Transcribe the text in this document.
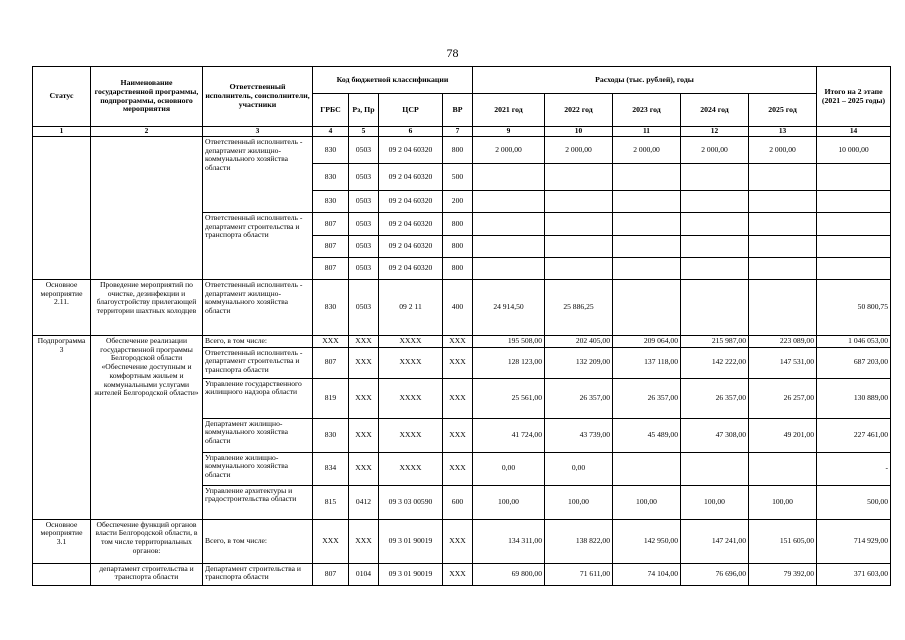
78
Статус	Наименование государственной программы, подпрограммы, основного мероприятия	Ответственный исполнитель, соисполнители, участники	Код бюджетной классификации				Расходы (тыс. рублей), годы					Итого на 2 этапе (2021 – 2025 годы)
			ГРБС	Рз, Пр	ЦСР	ВР	2021 год	2022 год	2023 год	2024 год	2025 год	
1	2	3	4	5	6	7	9	10	11	12	13	14
		Ответственный исполнитель - департамент жилищно-коммунального хозяйства области	830	0503	09 2 04 60320	800	2 000,00	2 000,00	2 000,00	2 000,00	2 000,00	10 000,00
			830	0503	09 2 04 60320	500						
			830	0503	09 2 04 60320	200						
		Ответственный исполнитель - департамент строительства и транспорта области	807	0503	09 2 04 60320	800						
			807	0503	09 2 04 60320	800						
			807	0503	09 2 04 60320	800						
Основное мероприятие 2.11.	Проведение мероприятий по очистке, дезинфекции и благоустройству прилегающей территории шахтных колодцев	Ответственный исполнитель - департамент жилищно-коммунального хозяйства области	830	0503	09 2 11	400	24 914,50	25 886,25				50 800,75
Подпрограмма 3	Обеспечение реализации государственной программы Белгородской области «Обеспечение доступным и комфортным жильем и коммунальными услугами жителей Белгородской области»	Всего, в том числе:	ХХХ	ХХХ	ХХХХ	ХХХ	195 508,00	202 405,00	209 064,00	215 987,00	223 089,00	1 046 053,00
		Ответственный исполнитель - департамент строительства и транспорта области	807	ХХХ	ХХХХ	ХХХ	128 123,00	132 209,00	137 118,00	142 222,00	147 531,00	687 203,00
		Управление государственного жилищного надзора области	819	ХХХ	ХХХХ	ХХХ	25 561,00	26 357,00	26 357,00	26 357,00	26 257,00	130 889,00
		Департамент жилищно-коммунального хозяйства области	830	ХХХ	ХХХХ	ХХХ	41 724,00	43 739,00	45 489,00	47 308,00	49 201,00	227 461,00
		Управление жилищно-коммунального хозяйства области	834	ХХХ	ХХХХ	ХХХ	0,00	0,00				-
		Управление архитектуры и градостроительства области	815	0412	09 3 03 00590	600	100,00	100,00	100,00	100,00	100,00	500,00
Основное мероприятие 3.1	Обеспечение функций органов власти Белгородской области, в том числе территориальных органов:	Всего, в том числе:	ХХХ	ХХХ	09 3 01 90019	ХХХ	134 311,00	138 822,00	142 950,00	147 241,00	151 605,00	714 929,00
	департамент строительства и транспорта области	Департамент строительства и транспорта области	807	0104	09 3 01 90019	ХХХ	69 800,00	71 611,00	74 104,00	76 696,00	79 392,00	371 603,00
